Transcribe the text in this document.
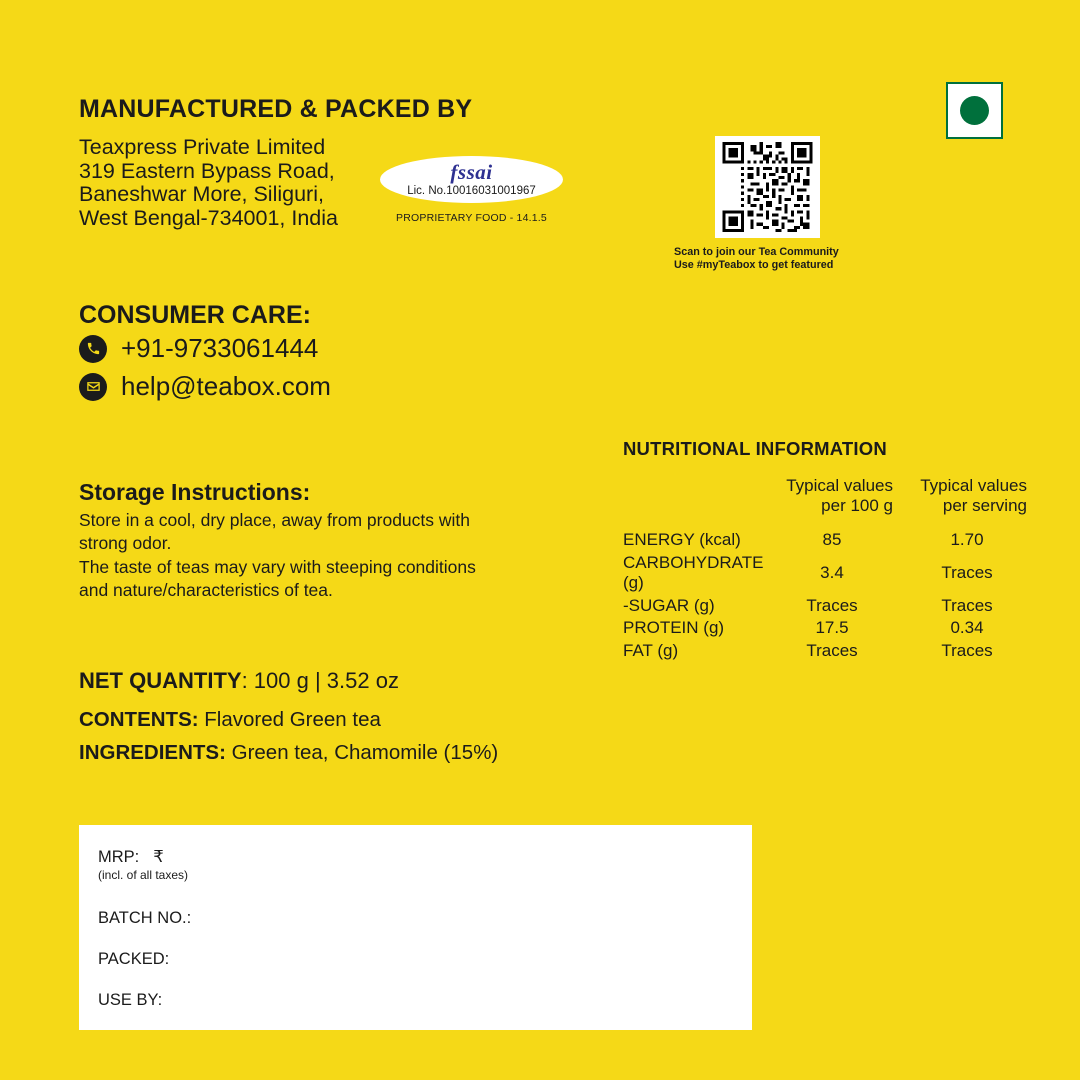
MANUFACTURED & PACKED BY
Teaxpress Private Limited
319 Eastern Bypass Road,
Baneshwar More, Siliguri,
West Bengal-734001, India
fssai
Lic. No.10016031001967
PROPRIETARY FOOD - 14.1.5
Scan to join our Tea Community
Use #myTeabox to get featured
CONSUMER CARE:
+91-9733061444
help@teabox.com
Storage Instructions:
Store in a cool, dry place, away from products with strong odor.
The taste of teas may vary with steeping conditions and nature/characteristics of tea.
NUTRITIONAL INFORMATION
	Typical values per 100 g	Typical values per serving
ENERGY (kcal)	85	1.70
CARBOHYDRATE (g)	3.4	Traces
-SUGAR (g)	Traces	Traces
PROTEIN (g)	17.5	0.34
FAT (g)	Traces	Traces
NET QUANTITY: 100 g | 3.52 oz
CONTENTS: Flavored Green tea
INGREDIENTS: Green tea, Chamomile (15%)
MRP: ₹
(incl. of all taxes)
BATCH NO.:
PACKED:
USE BY:
